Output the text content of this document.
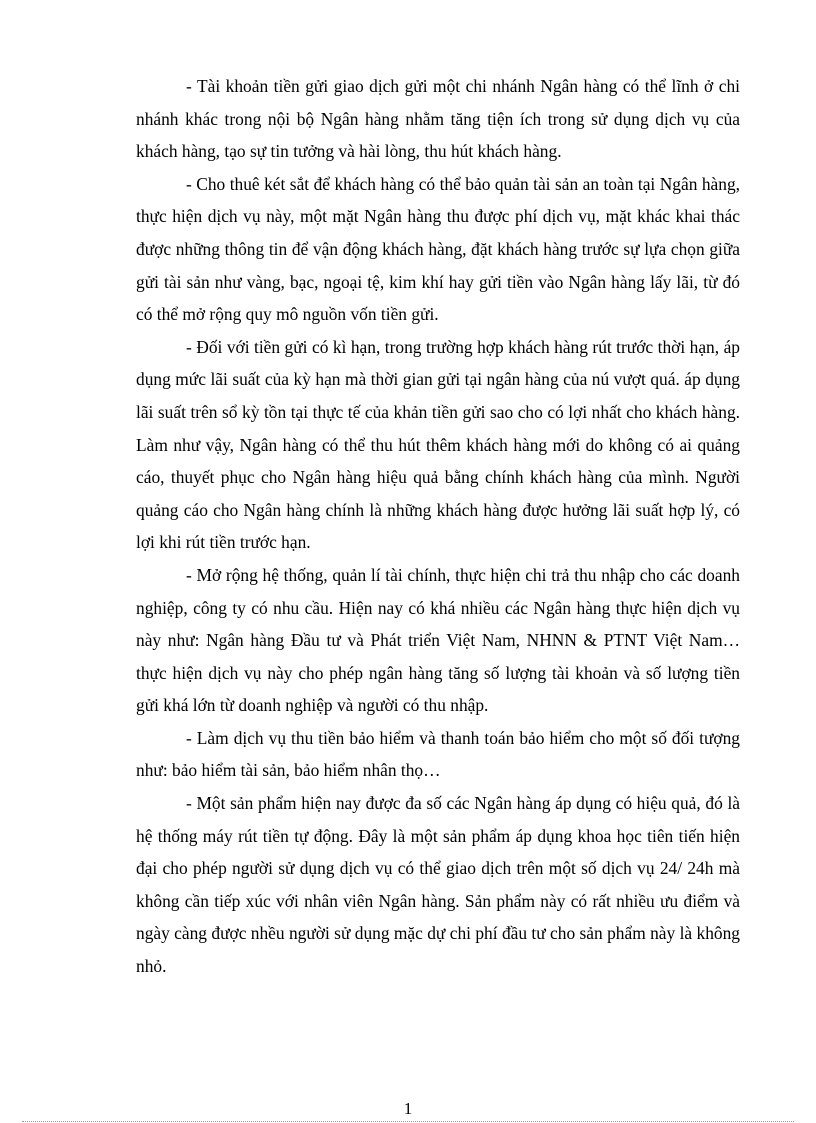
- Tài khoản tiền gửi giao dịch gửi một chi nhánh Ngân hàng có thể lĩnh ở chi nhánh khác trong nội bộ Ngân hàng nhằm tăng tiện ích trong sử dụng dịch vụ của khách hàng, tạo sự tin tưởng và hài lòng, thu hút khách hàng.

- Cho thuê két sắt để khách hàng có thể bảo quản tài sản an toàn tại Ngân hàng, thực hiện dịch vụ này, một mặt Ngân hàng thu được phí dịch vụ, mặt khác khai thác được những thông tin để vận động khách hàng, đặt khách hàng trước sự lựa chọn giữa gửi tài sản như vàng, bạc, ngoại tệ, kim khí hay gửi tiền vào Ngân hàng lấy lãi, từ đó có thể mở rộng quy mô nguồn vốn tiền gửi.

- Đối với tiền gửi có kì hạn, trong trường hợp khách hàng rút trước thời hạn, áp dụng mức lãi suất của kỳ hạn mà thời gian gửi tại ngân hàng của nú vượt quá. áp dụng lãi suất trên sổ kỳ tồn tại thực tế của khản tiền gửi sao cho có lợi nhất cho khách hàng. Làm như vậy, Ngân hàng có thể thu hút thêm khách hàng mới do không có ai quảng cáo, thuyết phục cho Ngân hàng hiệu quả bằng chính khách hàng của mình. Người quảng cáo cho Ngân hàng chính là những khách hàng được hưởng lãi suất hợp lý, có lợi khi rút tiền trước hạn.

- Mở rộng hệ thống, quản lí tài chính, thực hiện chi trả thu nhập cho các doanh nghiệp, công ty có nhu cầu. Hiện nay có khá nhiều các Ngân hàng thực hiện dịch vụ này như: Ngân hàng Đầu tư và Phát triển Việt Nam, NHNN & PTNT Việt Nam… thực hiện dịch vụ này cho phép ngân hàng tăng số lượng tài khoản và số lượng tiền gửi khá lớn từ doanh nghiệp và người có thu nhập.

- Làm dịch vụ thu tiền bảo hiểm và thanh toán bảo hiểm cho một số đối tượng như: bảo hiểm tài sản, bảo hiểm nhân thọ…

- Một sản phẩm hiện nay được đa số các Ngân hàng áp dụng có hiệu quả, đó là hệ thống máy rút tiền tự động. Đây là một sản phẩm áp dụng khoa học tiên tiến hiện đại cho phép người sử dụng dịch vụ có thể giao dịch trên một số dịch vụ 24/ 24h mà không cần tiếp xúc với nhân viên Ngân hàng. Sản phẩm này có rất nhiều ưu điểm và ngày càng được nhều người sử dụng mặc dự chi phí đầu tư cho sản phẩm này là không nhỏ.

1
